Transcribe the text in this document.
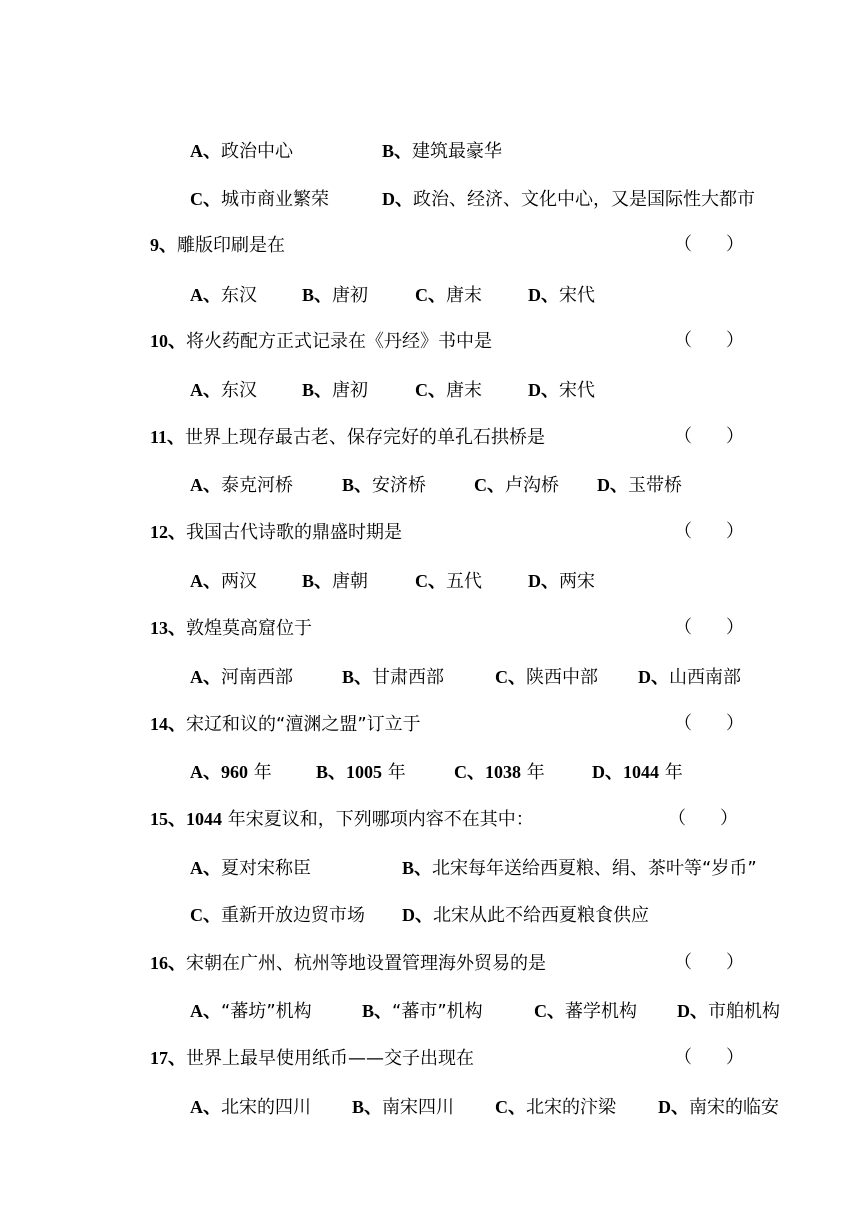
A、政治中心	B、建筑最豪华
C、城市商业繁荣	D、政治、经济、文化中心，又是国际性大都市
9、雕版印刷是在	（ ）
A、东汉	B、唐初	C、唐末	D、宋代
10、将火药配方正式记录在《丹经》书中是	（ ）
A、东汉	B、唐初	C、唐末	D、宋代
11、世界上现存最古老、保存完好的单孔石拱桥是	（ ）
A、泰克河桥	B、安济桥	C、卢沟桥 D、玉带桥
12、我国古代诗歌的鼎盛时期是	（ ）
A、两汉	B、唐朝	C、五代	D、两宋
13、敦煌莫高窟位于	（ ）
A、河南西部	B、甘肃西部	C、陕西中部 D、山西南部
14、宋辽和议的“澶渊之盟”订立于	（ ）
A、960 年 B、1005 年	C、1038 年	D、1044 年
15、1044 年宋夏议和，下列哪项内容不在其中：	（ ）
A、夏对宋称臣	B、北宋每年送给西夏粮、绢、茶叶等“岁币”
C、重新开放边贸市场 D、北宋从此不给西夏粮食供应
16、宋朝在广州、杭州等地设置管理海外贸易的是	（ ）
A、“蕃坊”机构	B、“蕃市”机构	C、蕃学机构 D、市舶机构
17、世界上最早使用纸币——交子出现在	（ ）
A、北宋的四川 B、南宋四川 C、北宋的汴梁 D、南宋的临安
